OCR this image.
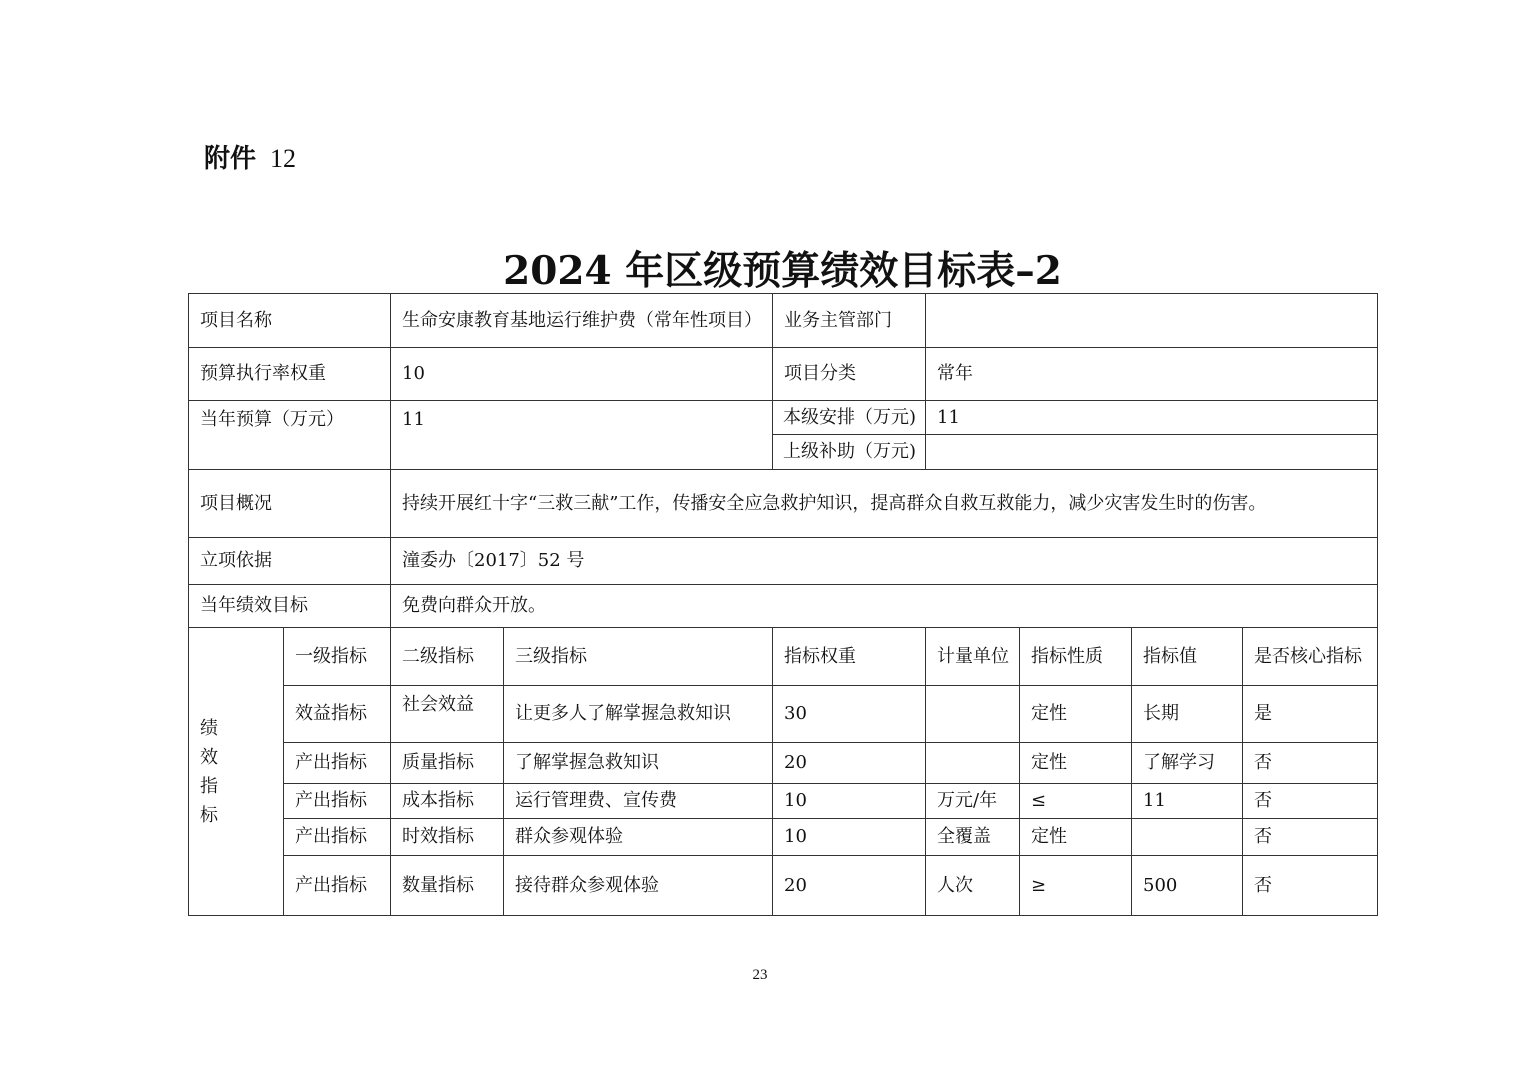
附件 12
2024 年区级预算绩效目标表–2
项目名称		生命安康教育基地运行维护费（常年性项目）		业务主管部门				
预算执行率权重		10		项目分类	常年			
当年预算（万元）		11		本级安排（万元)	11			
				上级补助（万元)				
项目概况		持续开展红十字“三救三献”工作，传播安全应急救护知识，提高群众自救互救能力，减少灾害发生时的伤害。						
立项依据		潼委办〔2017〕52 号						
当年绩效目标		免费向群众开放。						

绩
效
指
标	一级指标	二级指标	三级指标	指标权重	计量单位	指标性质	指标值	是否核心指标
	效益指标	社会效益	让更多人了解掌握急救知识	30		定性	长期	是
	产出指标	质量指标	了解掌握急救知识	20		定性	了解学习	否
	产出指标	成本指标	运行管理费、宣传费	10	万元/年	≤	11	否
	产出指标	时效指标	群众参观体验	10	全覆盖	定性		否
	产出指标	数量指标	接待群众参观体验	20	人次	≥	500	否
23
